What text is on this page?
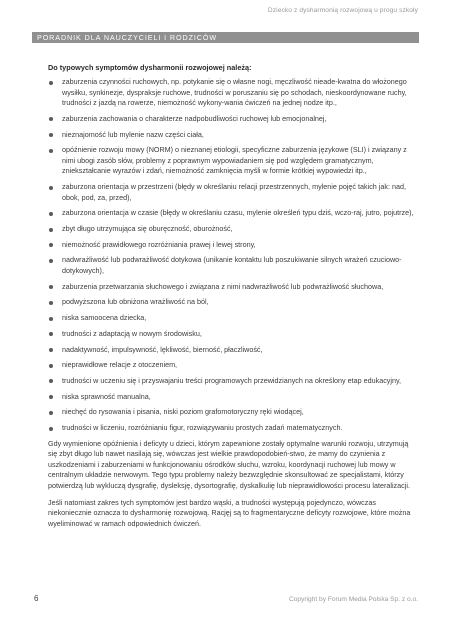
Dziecko z dysharmonią rozwojową u progu szkoły
PORADNIK DLA NAUCZYCIELI I RODZICÓW

Do typowych symptomów dysharmonii rozwojowej należą:

zaburzenia czynności ruchowych, np. potykanie się o własne nogi, męczliwość nieade-kwatna do włożonego wysiłku, synkinezje, dyspraksje ruchowe, trudności w poruszaniu się po schodach, nieskoordynowane ruchy, trudności z jazdą na rowerze, niemożność wykony-wania ćwiczeń na jednej nodze itp.,
zaburzenia zachowania o charakterze nadpobudliwości ruchowej lub emocjonalnej,
nieznajomość lub mylenie nazw części ciała,
opóźnienie rozwoju mowy (NORM) o nieznanej etiologii, specyficzne zaburzenia językowe (SLI) i związany z nimi ubogi zasób słów, problemy z poprawnym wypowiadaniem się pod względem gramatycznym, zniekształcanie wyrazów i zdań, niemożność zamknięcia myśli w formie krótkiej wypowiedzi itp.,
zaburzona orientacja w przestrzeni (błędy w określaniu relacji przestrzennych, mylenie pojęć takich jak: nad, obok, pod, za, przed),
zaburzona orientacja w czasie (błędy w określaniu czasu, mylenie określeń typu dziś, wczo-raj, jutro, pojutrze),
zbyt długo utrzymująca się oburęczność, oburożność,
niemożność prawidłowego rozróżniania prawej i lewej strony,
nadwrażliwość lub podwrażliwość dotykowa (unikanie kontaktu lub poszukiwanie silnych wrażeń czuciowo-dotykowych),
zaburzenia przetwarzania słuchowego i związana z nimi nadwrażliwość lub podwrażliwość słuchowa,
podwyższona lub obniżona wrażliwość na ból,
niska samoocena dziecka,
trudności z adaptacją w nowym środowisku,
nadaktywność, impulsywność, lękliwość, bierność, płaczliwość,
nieprawidłowe relacje z otoczeniem,
trudności w uczeniu się i przyswajaniu treści programowych przewidzianych na określony etap edukacyjny,
niska sprawność manualna,
niechęć do rysowania i pisania, niski poziom grafomotoryczny ręki wiodącej,
trudności w liczeniu, rozróżnianiu figur, rozwiązywaniu prostych zadań matematycznych.

Gdy wymienione opóźnienia i deficyty u dzieci, którym zapewnione zostały optymalne warunki rozwoju, utrzymują się zbyt długo lub nawet nasilają się, wówczas jest wielkie prawdopodobień-stwo, że mamy do czynienia z uszkodzeniami i zaburzeniami w funkcjonowaniu ośrodków słuchu, wzroku, koordynacji ruchowej lub mowy w centralnym układzie nerwowym. Tego typu problemy należy bezwzględnie skonsultować ze specjalistami, którzy potwierdzą lub wykluczą dysgrafię, dysleksję, dysortografię, dyskalkulię lub nieprawidłowości procesu lateralizacji.

Jeśli natomiast zakres tych symptomów jest bardzo wąski, a trudności występują pojedynczo, wówczas niekoniecznie oznacza to dysharmonię rozwojową. Racjęj są to fragmentaryczne deficyty rozwojowe, które można wyeliminować w ramach odpowiednich ćwiczeń.

6	Copyright by Forum Media Polska Sp. z o.o.
